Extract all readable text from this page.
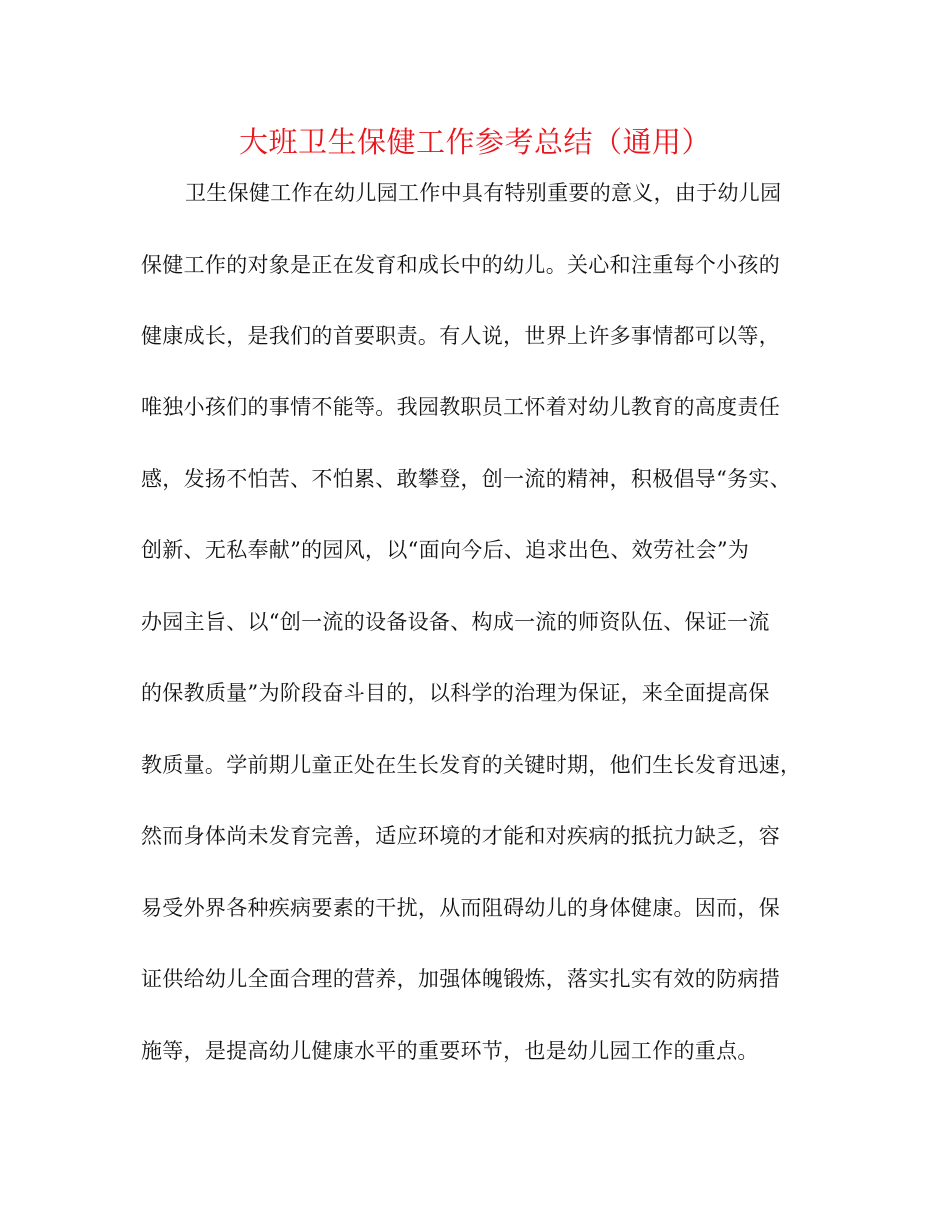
大班卫生保健工作参考总结（通用）
卫生保健工作在幼儿园工作中具有特别重要的意义，由于幼儿园
保健工作的对象是正在发育和成长中的幼儿。关心和注重每个小孩的
健康成长，是我们的首要职责。有人说，世界上许多事情都可以等，
唯独小孩们的事情不能等。我园教职员工怀着对幼儿教育的高度责任
感，发扬不怕苦、不怕累、敢攀登，创一流的精神，积极倡导“务实、
创新、无私奉献”的园风，以“面向今后、追求出色、效劳社会”为
办园主旨、以“创一流的设备设备、构成一流的师资队伍、保证一流
的保教质量”为阶段奋斗目的，以科学的治理为保证，来全面提高保
教质量。学前期儿童正处在生长发育的关键时期，他们生长发育迅速，
然而身体尚未发育完善，适应环境的才能和对疾病的抵抗力缺乏，容
易受外界各种疾病要素的干扰，从而阻碍幼儿的身体健康。因而，保
证供给幼儿全面合理的营养，加强体魄锻炼，落实扎实有效的防病措
施等，是提高幼儿健康水平的重要环节，也是幼儿园工作的重点。
